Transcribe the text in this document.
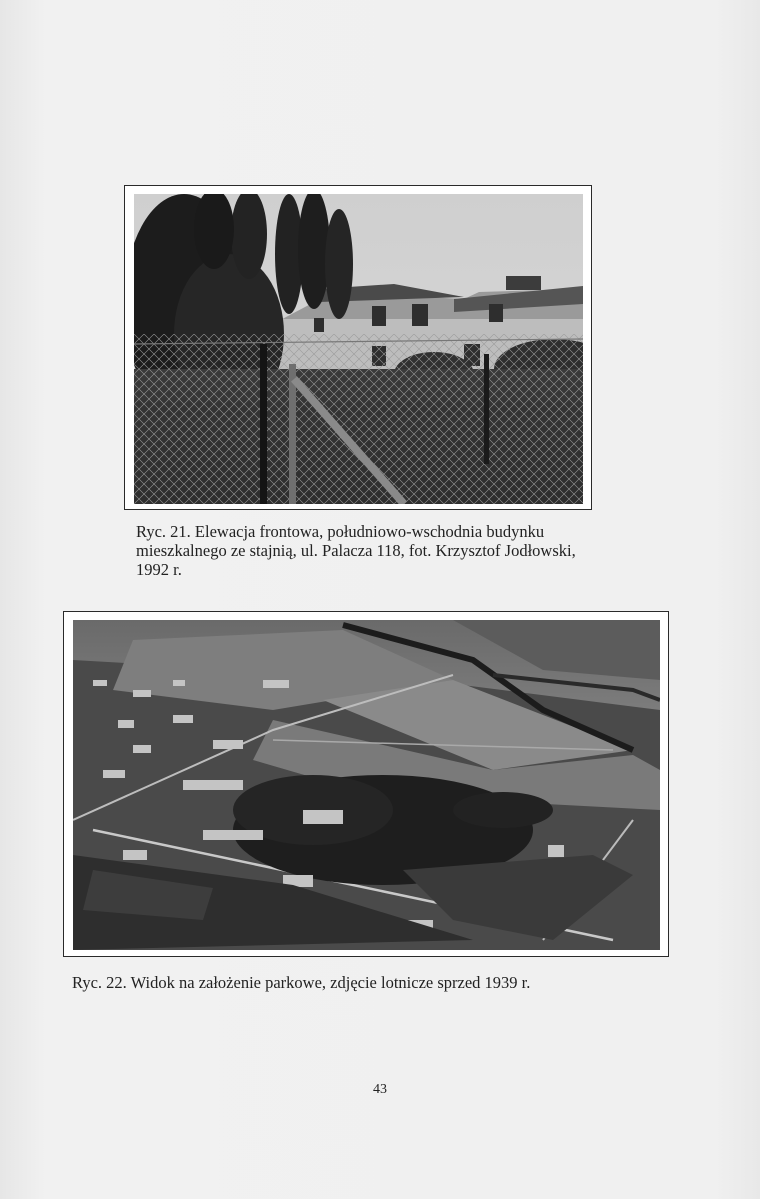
Ryc. 21. Elewacja frontowa, południowo-wschodnia budynku
mieszkalnego ze stajnią, ul. Palacza 118, fot. Krzysztof Jodłowski,
1992 r.
Ryc. 22. Widok na założenie parkowe, zdjęcie lotnicze sprzed 1939 r.
43
